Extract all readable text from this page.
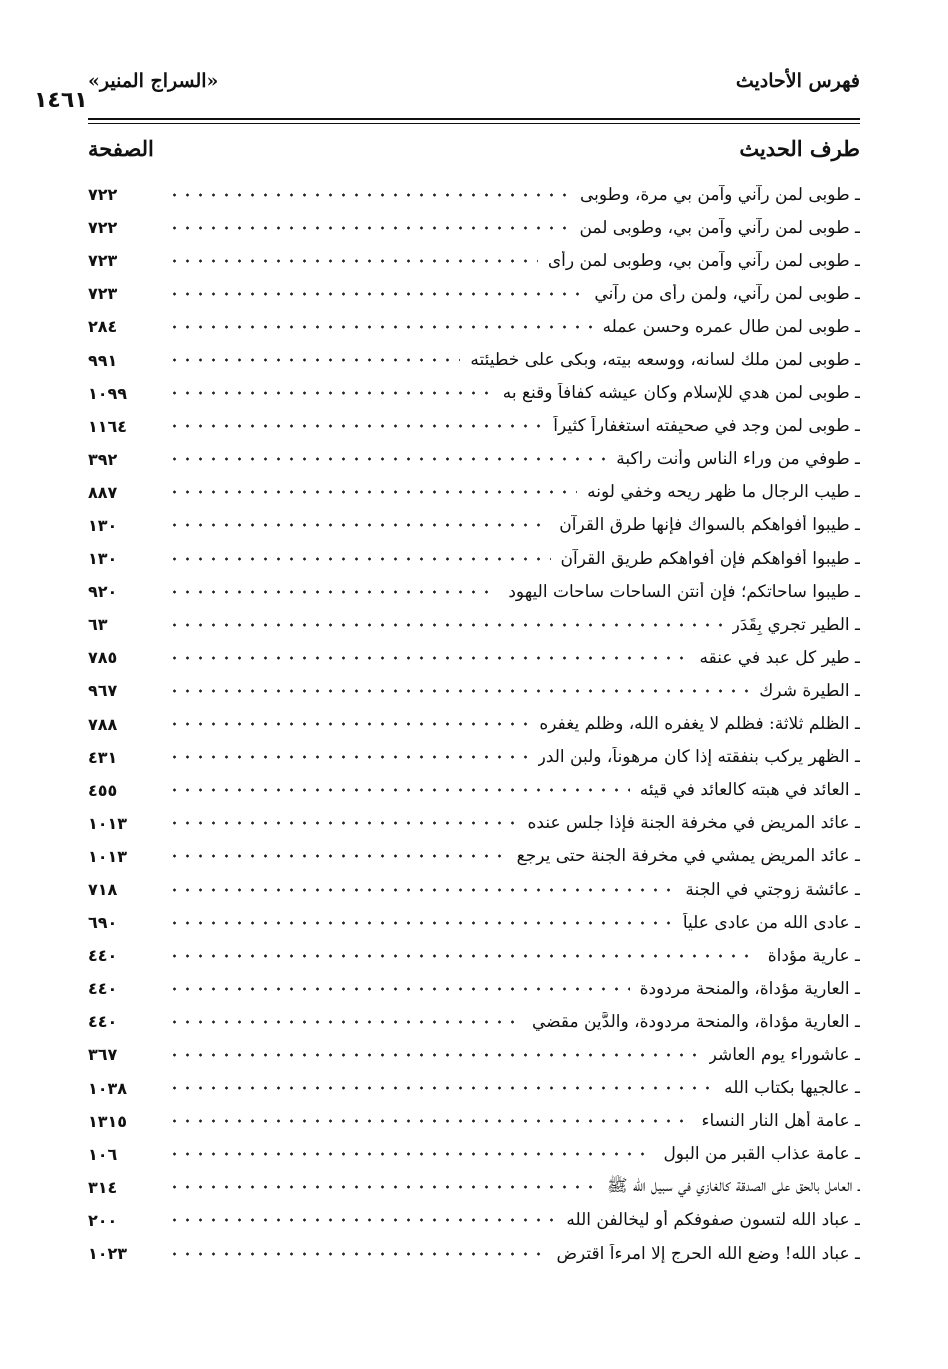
١٤٦١
«السراج المنير»	فهرس الأحاديث
الصفحة	طرف الحديث
٧٢٢	ـ طوبى لمن رآني وآمن بي مرة، وطوبى
٧٢٢	ـ طوبى لمن رآني وآمن بي، وطوبى لمن
٧٢٣	ـ طوبى لمن رآني وآمن بي، وطوبى لمن رأى
٧٢٣	ـ طوبى لمن رآني، ولمن رأى من رآني
٢٨٤	ـ طوبى لمن طال عمره وحسن عمله
٩٩١	ـ طوبى لمن ملك لسانه، ووسعه بيته، وبكى على خطيئته
١٠٩٩	ـ طوبى لمن هدي للإسلام وكان عيشه كفافاً وقنع به
١١٦٤	ـ طوبى لمن وجد في صحيفته استغفاراً كثيراً
٣٩٢	ـ طوفي من وراء الناس وأنت راكبة
٨٨٧	ـ طيب الرجال ما ظهر ريحه وخفي لونه
١٣٠	ـ طيبوا أفواهكم بالسواك فإنها طرق القرآن
١٣٠	ـ طيبوا أفواهكم فإن أفواهكم طريق القرآن
٩٢٠	ـ طيبوا ساحاتكم؛ فإن أنتن الساحات ساحات اليهود
٦٣	ـ الطير تجري بِقَدَر
٧٨٥	ـ طير كل عبد في عنقه
٩٦٧	ـ الطيرة شرك
٧٨٨	ـ الظلم ثلاثة: فظلم لا يغفره الله، وظلم يغفره
٤٣١	ـ الظهر يركب بنفقته إذا كان مرهوناً، ولبن الدر
٤٥٥	ـ العائد في هبته كالعائد في قيئه
١٠١٣	ـ عائد المريض في مخرفة الجنة فإذا جلس عنده
١٠١٣	ـ عائد المريض يمشي في مخرفة الجنة حتى يرجع
٧١٨	ـ عائشة زوجتي في الجنة
٦٩٠	ـ عادى الله من عادى علياً
٤٤٠	ـ عارية مؤداة
٤٤٠	ـ العارية مؤداة، والمنحة مردودة
٤٤٠	ـ العارية مؤداة، والمنحة مردودة، والدَّين مقضي
٣٦٧	ـ عاشوراء يوم العاشر
١٠٣٨	ـ عالجيها بكتاب الله
١٣١٥	ـ عامة أهل النار النساء
١٠٦	ـ عامة عذاب القبر من البول
٣١٤	ـ العامل بالحق على الصدقة كالغازي في سبيل الله ﷺ
٢٠٠	ـ عباد الله لتسون صفوفكم أو ليخالفن الله
١٠٢٣	ـ عباد الله! وضع الله الحرج إلا امرءاً اقترض
